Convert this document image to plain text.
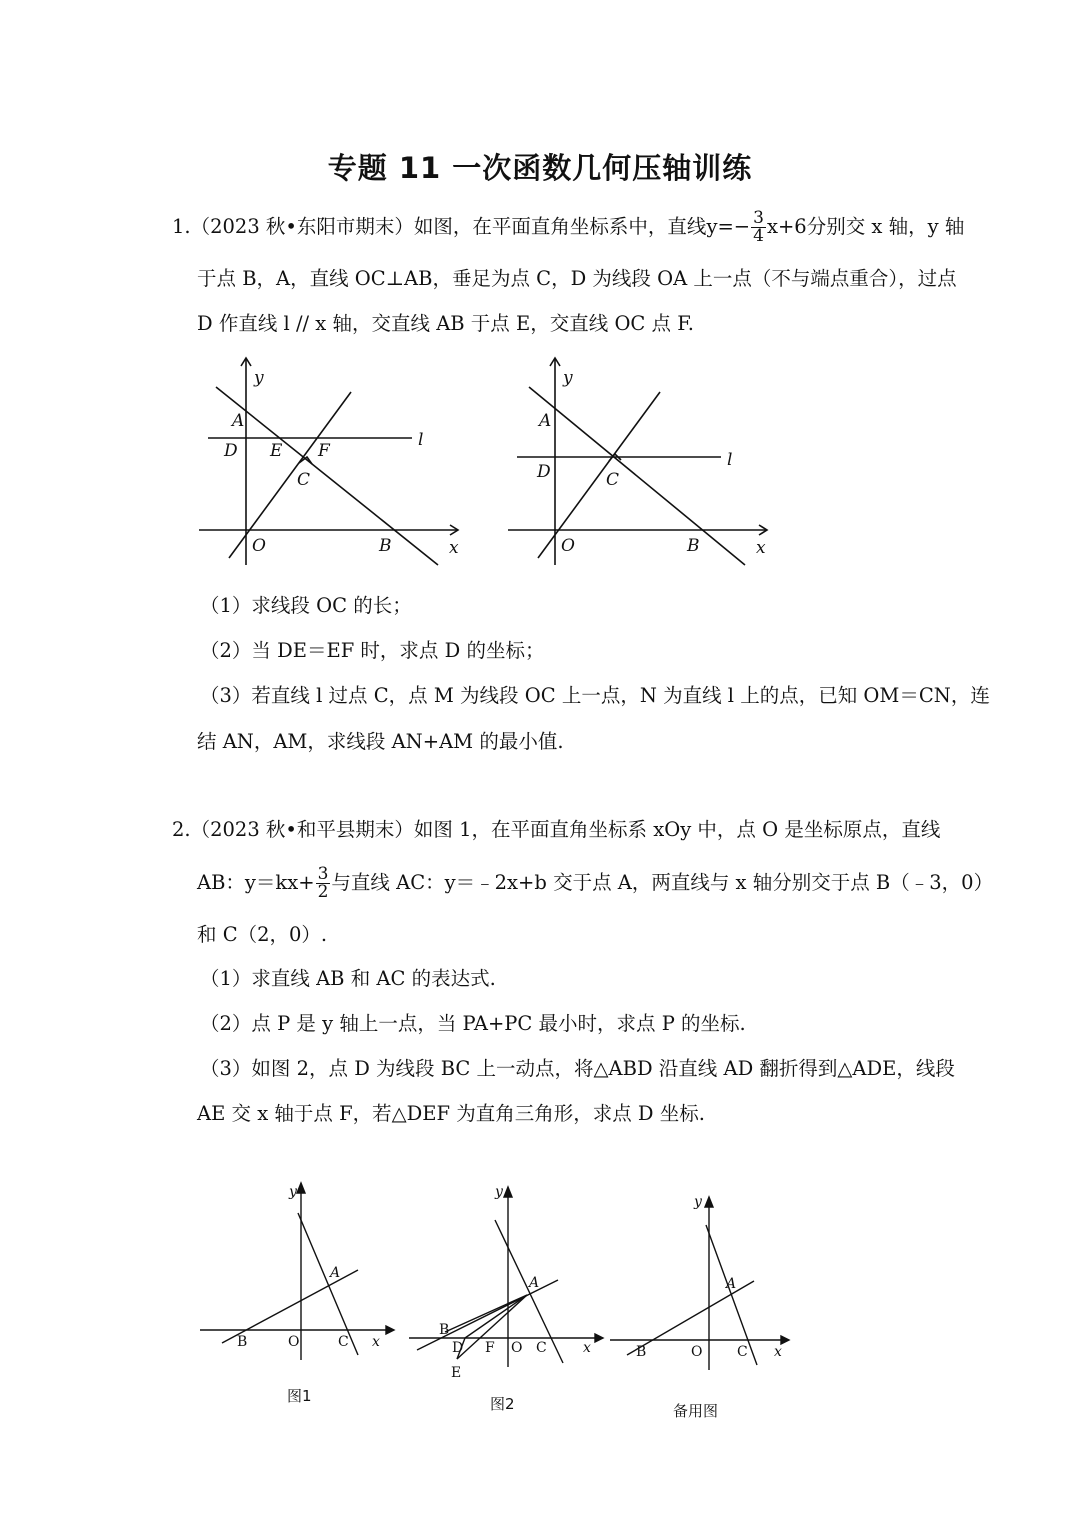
专题 11 一次函数几何压轴训练
1.（2023 秋•东阳市期末）如图，在平面直角坐标系中，直线$y=- \frac{3}{4} x+6$分别交 x 轴，y 轴
于点 B，A，直线 OC⊥AB，垂足为点 C，D 为线段 OA 上一点（不与端点重合），过点
D 作直线 l // x 轴，交直线 AB 于点 E，交直线 OC 点 F.
y
A
D E F
C
l
O	B	x
y
A
D	C
l
O	B	x
（1）求线段 OC 的长；
（2）当 DE＝EF 时，求点 D 的坐标；
（3）若直线 l 过点 C，点 M 为线段 OC 上一点，N 为直线 l 上的点，已知 OM＝CN，连
结 AN，AM，求线段 AN+AM 的最小值.
2.（2023 秋•和平县期末）如图 1，在平面直角坐标系 xOy 中，点 O 是坐标原点，直线
AB：$y=kx+ \frac{3}{2}$ 与直线 AC：y＝﹣2x+b 交于点 A，两直线与 x 轴分别交于点 B（﹣3，0）
和 C（2，0）.
（1）求直线 AB 和 AC 的表达式.
（2）点 P 是 y 轴上一点，当 PA+PC 最小时，求点 P 的坐标.
（3）如图 2，点 D 为线段 BC 上一动点，将△ABD 沿直线 AD 翻折得到△ADE，线段
AE 交 x 轴于点 F，若△DEF 为直角三角形，求点 D 坐标.
y
A
B	O	C x
图1
y
A
B
D F O C
E
x
图2
y
A
B	O C x
备用图
